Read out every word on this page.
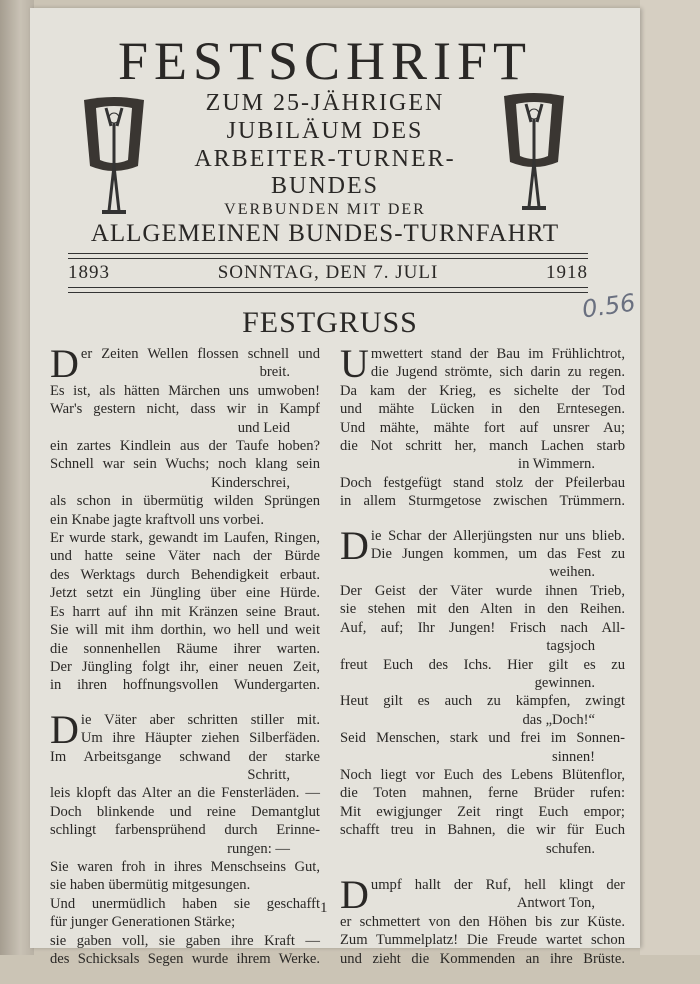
FESTSCHRIFT
ZUM 25-JÄHRIGEN
JUBILÄUM DES
ARBEITER-TURNER-
BUNDES
VERBUNDEN MIT DER
ALLGEMEINEN BUNDES-TURNFAHRT
1893	SONNTAG, DEN 7. JULI	1918
0.56
FESTGRUSS
D er Zeiten Wellen flossen schnell und
breit.
Es ist, als hätten Märchen uns umwoben!
War's gestern nicht, dass wir in Kampf
und Leid
ein zartes Kindlein aus der Taufe hoben?
Schnell war sein Wuchs; noch klang sein
Kinderschrei,
als schon in übermütig wilden Sprüngen
ein Knabe jagte kraftvoll uns vorbei.
Er wurde stark, gewandt im Laufen, Ringen,
und hatte seine Väter nach der Bürde
des Werktags durch Behendigkeit erbaut.
Jetzt setzt ein Jüngling über eine Hürde.
Es harrt auf ihn mit Kränzen seine Braut.
Sie will mit ihm dorthin, wo hell und weit
die sonnenhellen Räume ihrer warten.
Der Jüngling folgt ihr, einer neuen Zeit,
in ihren hoffnungsvollen Wundergarten.
D ie Väter aber schritten stiller mit.
Um ihre Häupter ziehen Silberfäden.
Im Arbeitsgange schwand der starke
Schritt,
leis klopft das Alter an die Fensterläden. —
Doch blinkende und reine Demantglut
schlingt farbensprühend durch Erinne-
rungen: —
Sie waren froh in ihres Menschseins Gut,
sie haben übermütig mitgesungen.
Und unermüdlich haben sie geschafft
für junger Generationen Stärke;
sie gaben voll, sie gaben ihre Kraft —
des Schicksals Segen wurde ihrem Werke.
U mwettert stand der Bau im Frühlichtrot,
die Jugend strömte, sich darin zu regen.
Da kam der Krieg, es sichelte der Tod
und mähte Lücken in den Erntesegen.
Und mähte, mähte fort auf unsrer Au;
die Not schritt her, manch Lachen starb
in Wimmern.
Doch festgefügt stand stolz der Pfeilerbau
in allem Sturmgetose zwischen Trümmern.
D ie Schar der Allerjüngsten nur uns blieb.
Die Jungen kommen, um das Fest zu
weihen.
Der Geist der Väter wurde ihnen Trieb,
sie stehen mit den Alten in den Reihen.
Auf, auf; Ihr Jungen! Frisch nach All-
tagsjoch
freut Euch des Ichs. Hier gilt es zu
gewinnen.
Heut gilt es auch zu kämpfen, zwingt
das „Doch!“
Seid Menschen, stark und frei im Sonnen-
sinnen!
Noch liegt vor Euch des Lebens Blütenflor,
die Toten mahnen, ferne Brüder rufen:
Mit ewigjunger Zeit ringt Euch empor;
schafft treu in Bahnen, die wir für Euch
schufen.
D umpf hallt der Ruf, hell klingt der
Antwort Ton,
er schmettert von den Höhen bis zur Küste.
Zum Tummelplatz! Die Freude wartet schon
und zieht die Kommenden an ihre Brüste.
1
